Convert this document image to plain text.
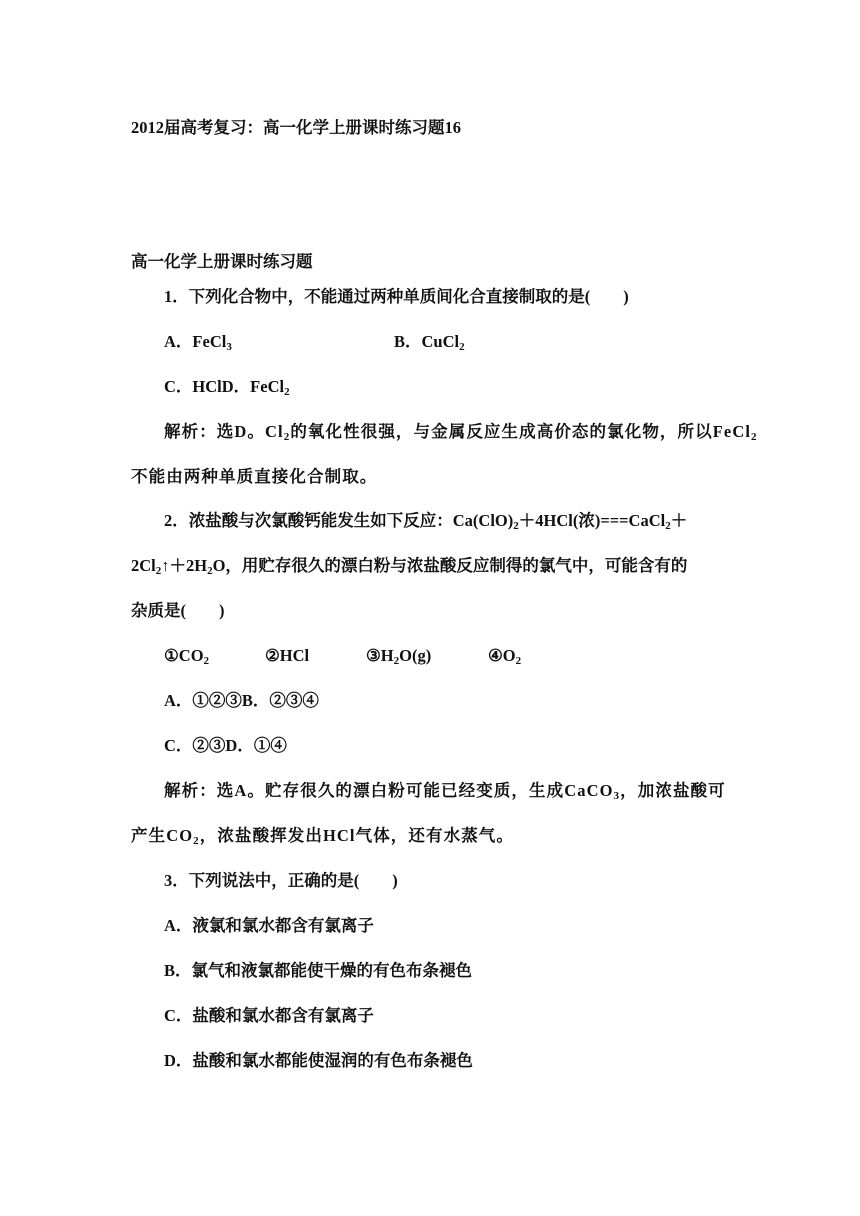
2012届高考复习：高一化学上册课时练习题16
高一化学上册课时练习题
1．下列化合物中，不能通过两种单质间化合直接制取的是(　　)
A．FeCl$_3$	B．CuCl$_2$
C．HClD．FeCl$_2$
解析：选D。$Cl_2$的氧化性很强，与金属反应生成高价态的氯化物，所以FeCl$_2$
不能由两种单质直接化合制取。
2．浓盐酸与次氯酸钙能发生如下反应：$Ca(ClO)_2+4HCl$(浓)===CaCl$_2$＋
$2Cl_2↑+2H_2O$，用贮存很久的漂白粉与浓盐酸反应制得的氯气中，可能含有的
杂质是(　　)
$①CO_2$	②HCl	$③H_2O(g)$	$④O_2$
A．①②③B．②③④
C．②③D．①④
解析：选A。贮存很久的漂白粉可能已经变质，生成CaCO$_3$，加浓盐酸可
产生$CO_2$，浓盐酸挥发出HCl气体，还有水蒸气。
3．下列说法中，正确的是(　　)
A．液氯和氯水都含有氯离子
B．氯气和液氯都能使干燥的有色布条褪色
C．盐酸和氯水都含有氯离子
D．盐酸和氯水都能使湿润的有色布条褪色
